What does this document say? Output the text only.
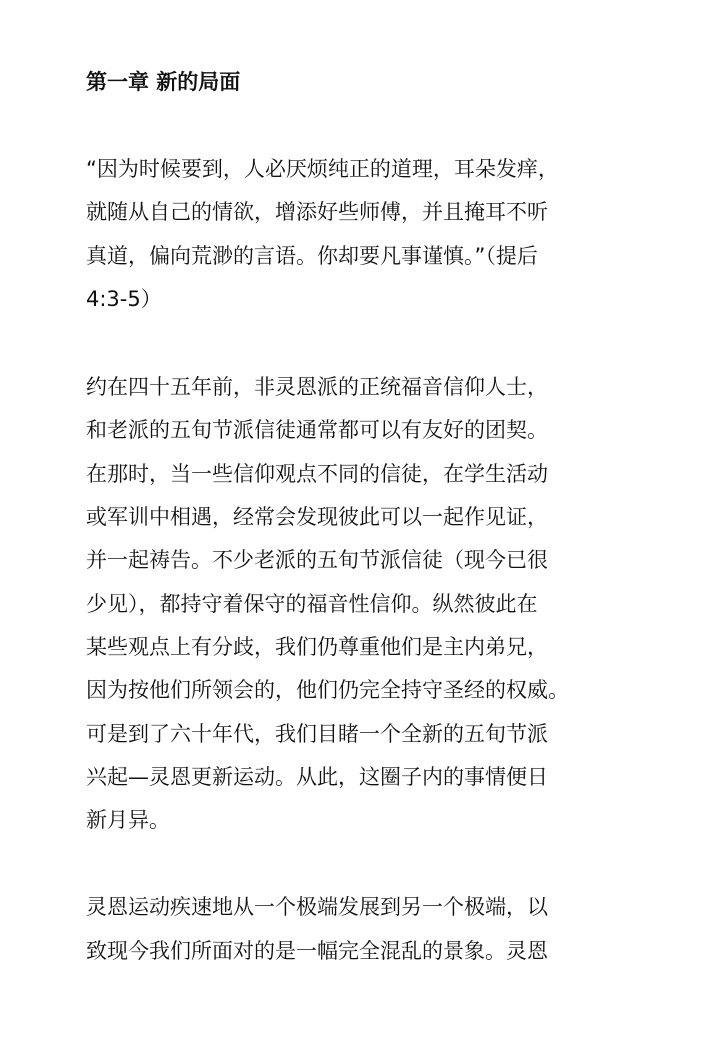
第一章 新的局面

“因为时候要到，人必厌烦纯正的道理，耳朵发痒，
就随从自己的情欲，增添好些师傅，并且掩耳不听
真道，偏向荒渺的言语。你却要凡事谨慎。”（提后
4:3-5）

约在四十五年前，非灵恩派的正统福音信仰人士，
和老派的五旬节派信徒通常都可以有友好的团契。
在那时，当一些信仰观点不同的信徒，在学生活动
或军训中相遇，经常会发现彼此可以一起作见证，
并一起祷告。不少老派的五旬节派信徒（现今已很
少见），都持守着保守的福音性信仰。纵然彼此在
某些观点上有分歧，我们仍尊重他们是主内弟兄，
因为按他们所领会的，他们仍完全持守圣经的权威。
可是到了六十年代，我们目睹一个全新的五旬节派
兴起—灵恩更新运动。从此，这圈子内的事情便日
新月异。

灵恩运动疾速地从一个极端发展到另一个极端，以
致现今我们所面对的是一幅完全混乱的景象。灵恩
